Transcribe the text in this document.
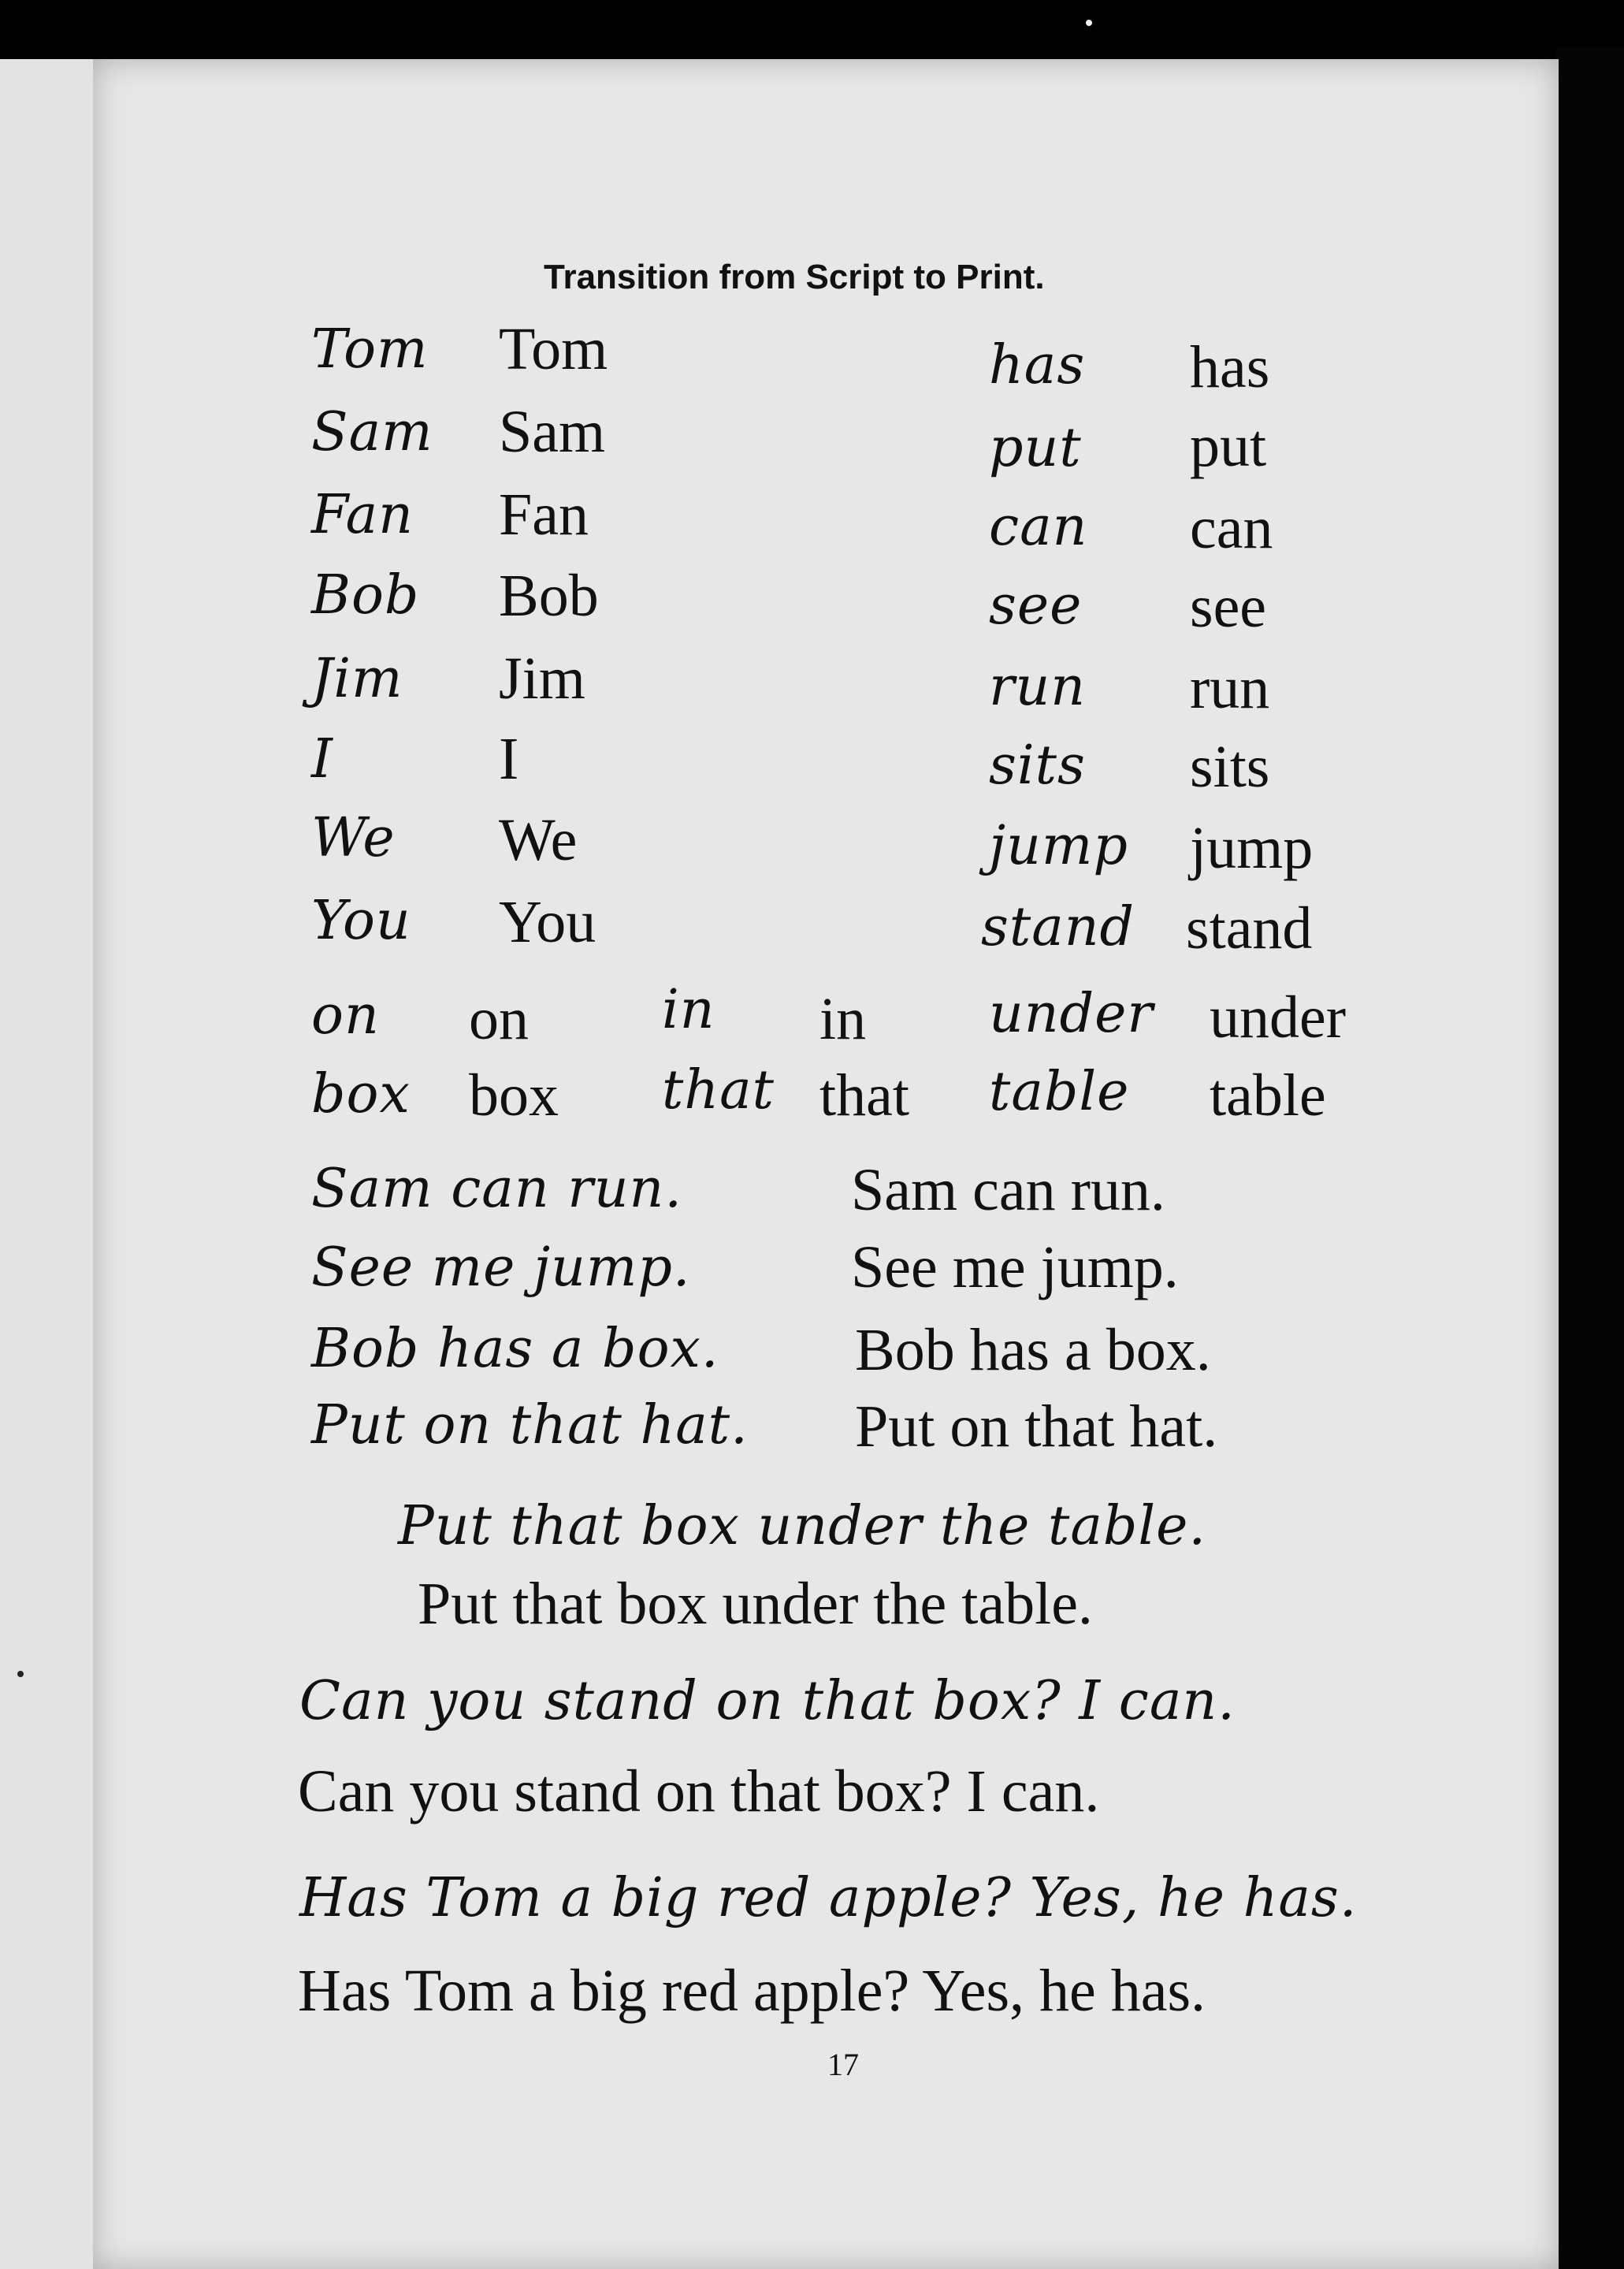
Transition from Script to Print.
Tom Tom
Sam Sam
Fan Fan
Bob Bob
Jim Jim
I	I
We We
You You
has has
put put
can can
see see
run run
sits sits
jump jump
stand stand
on on in in under under
box box that that table table
Sam can run.	Sam can run.
See me jump.	See me jump.
Bob has a box. Bob has a box.
Put on that hat. Put on that hat.
Put that box under the table.
Put that box under the table.
Can you stand on that box? I can.
Can you stand on that box? I can.
Has Tom a big red apple? Yes, he has.
Has Tom a big red apple? Yes, he has.
17
